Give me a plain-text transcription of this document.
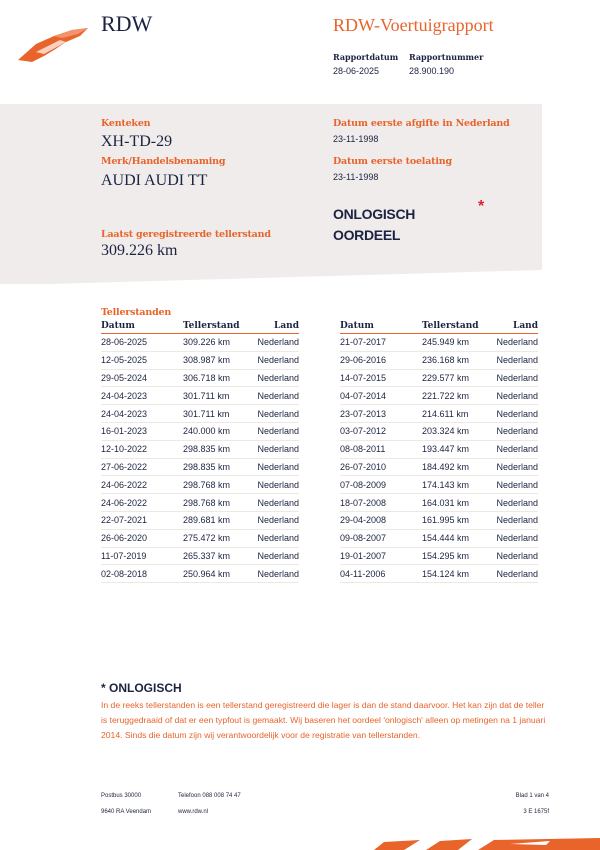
RDW	RDW-Voertuigrapport
Rapportdatum
28-06-2025
Rapportnummer
28.900.190
Kenteken
XH-TD-29
Merk/Handelsbenaming
AUDI AUDI TT
Laatst geregistreerde tellerstand
309.226 km
Datum eerste afgifte in Nederland
23-11-1998
Datum eerste toelating
23-11-1998
ONLOGISCH
OORDEEL
*
Tellerstanden
Datum	Tellerstand	Land
28-06-2025	309.226 km	Nederland
12-05-2025	308.987 km	Nederland
29-05-2024	306.718 km	Nederland
24-04-2023	301.711 km	Nederland
24-04-2023	301.711 km	Nederland
16-01-2023	240.000 km	Nederland
12-10-2022	298.835 km	Nederland
27-06-2022	298.835 km	Nederland
24-06-2022	298.768 km	Nederland
24-06-2022	298.768 km	Nederland
22-07-2021	289.681 km	Nederland
26-06-2020	275.472 km	Nederland
11-07-2019	265.337 km	Nederland
02-08-2018	250.964 km	Nederland
Datum	Tellerstand	Land
21-07-2017	245.949 km	Nederland
29-06-2016	236.168 km	Nederland
14-07-2015	229.577 km	Nederland
04-07-2014	221.722 km	Nederland
23-07-2013	214.611 km	Nederland
03-07-2012	203.324 km	Nederland
08-08-2011	193.447 km	Nederland
26-07-2010	184.492 km	Nederland
07-08-2009	174.143 km	Nederland
18-07-2008	164.031 km	Nederland
29-04-2008	161.995 km	Nederland
09-08-2007	154.444 km	Nederland
19-01-2007	154.295 km	Nederland
04-11-2006	154.124 km	Nederland
* ONLOGISCH
In de reeks tellerstanden is een tellerstand geregistreerd die lager is dan de stand daarvoor. Het kan zijn dat de teller is teruggedraaid of dat er een typfout is gemaakt. Wij baseren het oordeel 'onlogisch' alleen op metingen na 1 januari 2014. Sinds die datum zijn wij verantwoordelijk voor de registratie van tellerstanden.
Postbus 30000
9640 RA Veendam
Telefoon 088 008 74 47
www.rdw.nl
Blad 1 van 4
3 E 1675f
